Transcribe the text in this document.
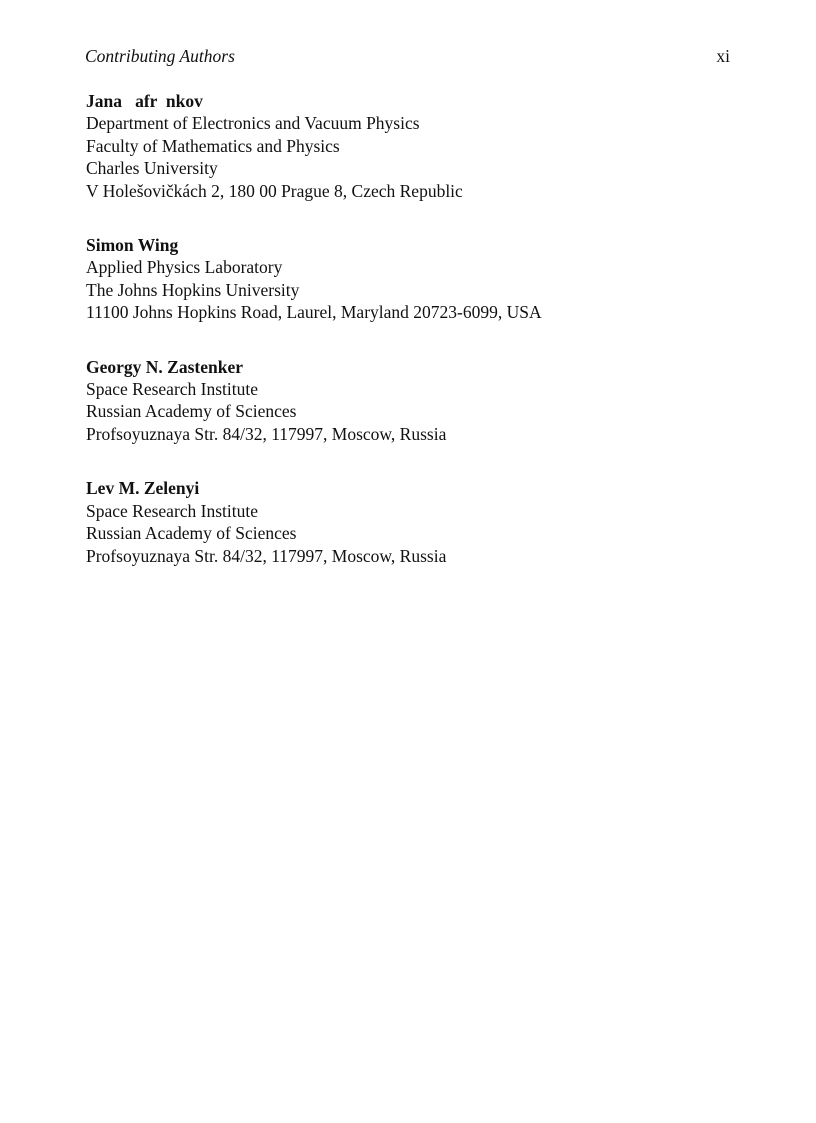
Contributing Authors	xi
Jana   afr  nkov
Department of Electronics and Vacuum Physics
Faculty of Mathematics and Physics
Charles University
V Holešovičkách 2, 180 00 Prague 8, Czech Republic
Simon Wing
Applied Physics Laboratory
The Johns Hopkins University
11100 Johns Hopkins Road, Laurel, Maryland 20723-6099, USA
Georgy N. Zastenker
Space Research Institute
Russian Academy of Sciences
Profsoyuznaya Str. 84/32, 117997, Moscow, Russia
Lev M. Zelenyi
Space Research Institute
Russian Academy of Sciences
Profsoyuznaya Str. 84/32, 117997, Moscow, Russia
